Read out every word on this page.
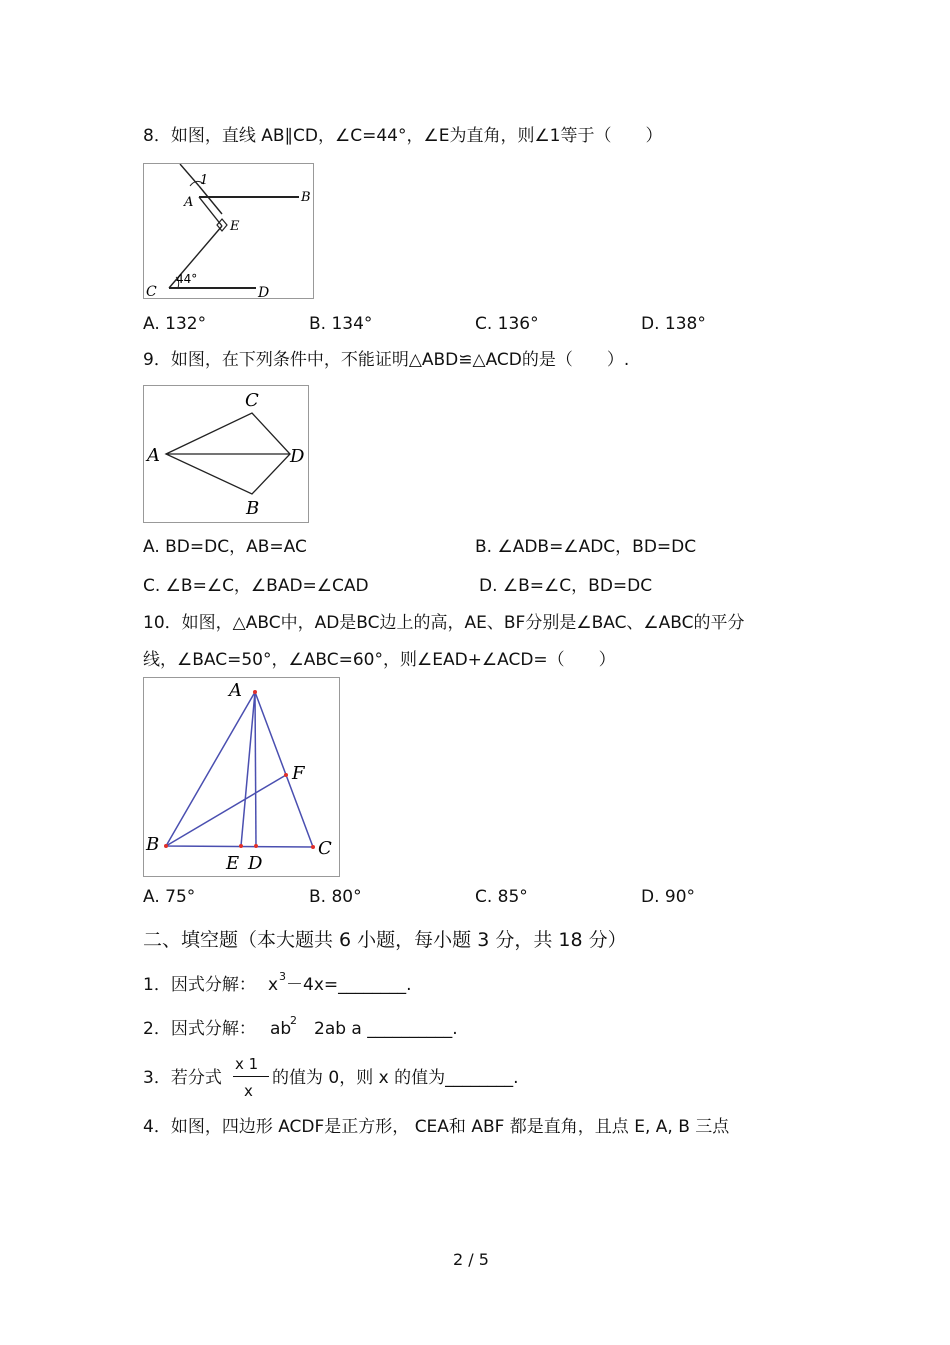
8．如图，直线 AB∥CD，∠C=44°，∠E为直角，则∠1等于（　　）
1
A	B
E
C	D
44°
A. 132°	B. 134°	C. 136°	D. 138°
9．如图，在下列条件中，不能证明△ABD≌△ACD的是（　　）.
C
A	D
B
A. BD=DC，AB=AC	B. ∠ADB=∠ADC，BD=DC
C. ∠B=∠C，∠BAD=∠CAD	D. ∠B=∠C，BD=DC
10．如图，△ABC中，AD是BC边上的高，AE、BF分别是∠BAC、∠ABC的平分
线，∠BAC=50°，∠ABC=60°，则∠EAD+∠ACD=（　　）
A
B	C
E D
F
A. 75°	B. 80°	C. 85°	D. 90°
二、填空题（本大题共 6 小题，每小题 3 分，共 18 分）
1．因式分解： x 3 －4x=________.
2．因式分解： ab
2 2ab a __________.
3．若分式
x 1
x
的值为 0，则 x 的值为________.
4．如图，四边形 ACDF是正方形， CEA和 ABF 都是直角，且点 E, A, B 三点
2 / 5
